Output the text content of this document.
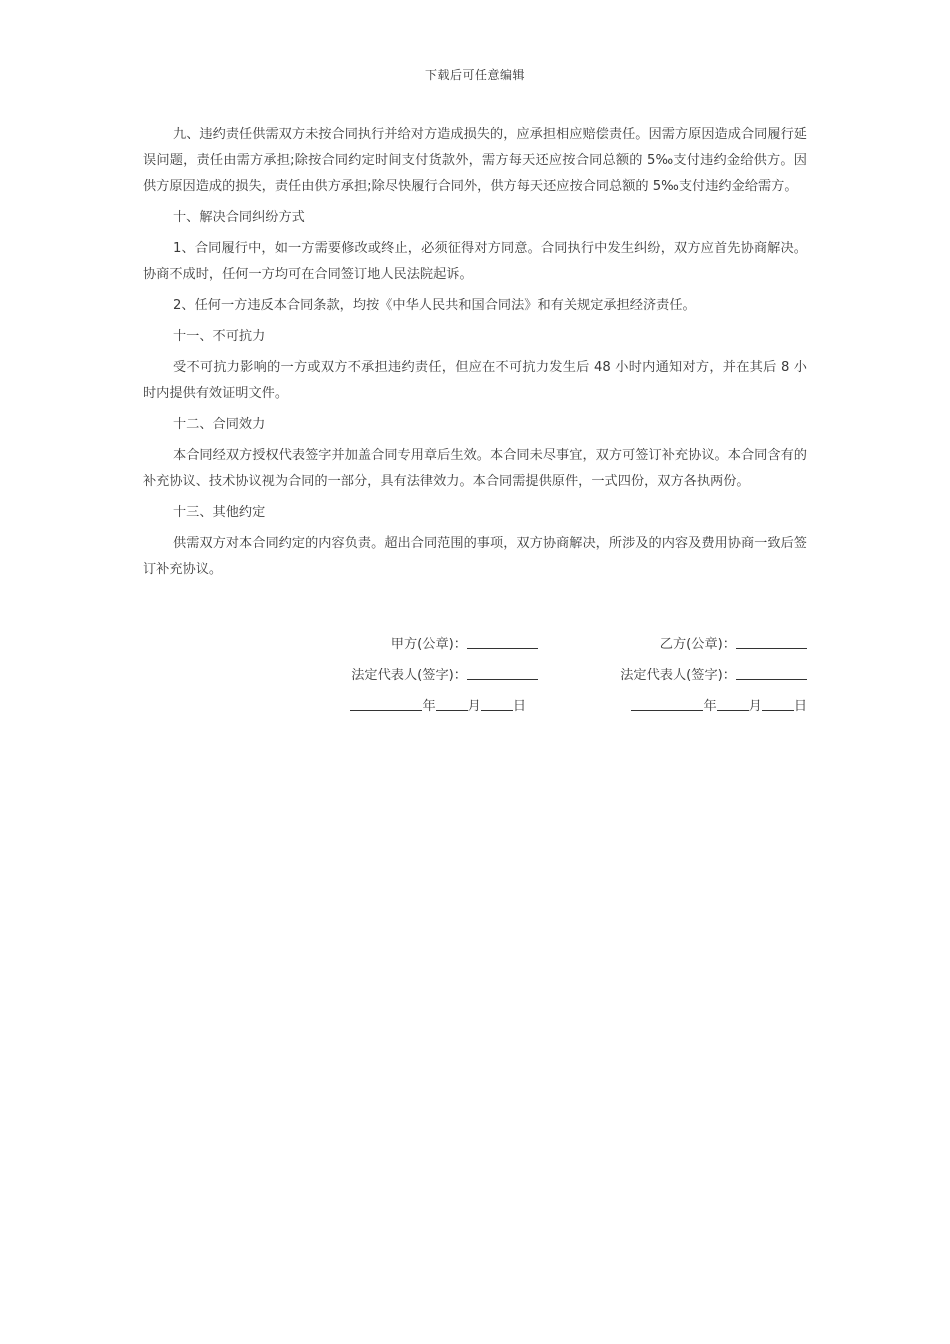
下载后可任意编辑

九、违约责任供需双方未按合同执行并给对方造成损失的，应承担相应赔偿责任。因需方原因造成合同履行延误问题，责任由需方承担;除按合同约定时间支付货款外，需方每天还应按合同总额的 5‰支付违约金给供方。因供方原因造成的损失，责任由供方承担;除尽快履行合同外，供方每天还应按合同总额的 5‰支付违约金给需方。

十、解决合同纠纷方式

1、合同履行中，如一方需要修改或终止，必须征得对方同意。合同执行中发生纠纷，双方应首先协商解决。协商不成时，任何一方均可在合同签订地人民法院起诉。

2、任何一方违反本合同条款，均按《中华人民共和国合同法》和有关规定承担经济责任。

十一、不可抗力

受不可抗力影响的一方或双方不承担违约责任，但应在不可抗力发生后 48 小时内通知对方，并在其后 8 小时内提供有效证明文件。

十二、合同效力

本合同经双方授权代表签字并加盖合同专用章后生效。本合同未尽事宜，双方可签订补充协议。本合同含有的补充协议、技术协议视为合同的一部分，具有法律效力。本合同需提供原件，一式四份，双方各执两份。

十三、其他约定

供需双方对本合同约定的内容负责。超出合同范围的事项，双方协商解决，所涉及的内容及费用协商一致后签订补充协议。

甲方(公章)：	乙方(公章)：
法定代表人(签字)：	法定代表人(签字)：
年 月 日	年 月 日
